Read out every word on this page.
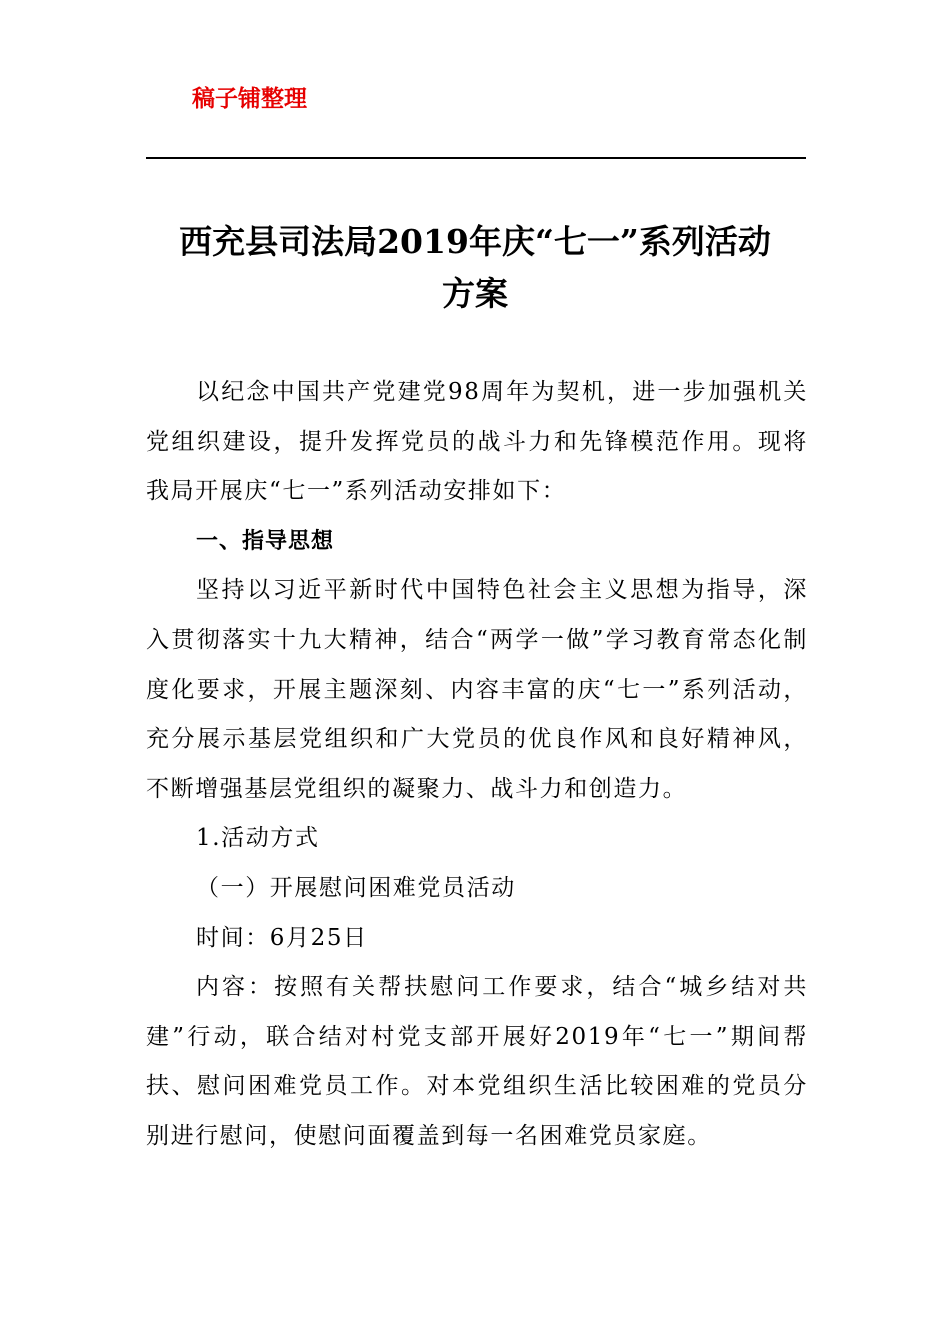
稿子铺整理
西充县司法局2019年庆“七一”系列活动
方案

以纪念中国共产党建党98周年为契机，进一步加强机关党组织建设，提升发挥党员的战斗力和先锋模范作用。现将我局开展庆“七一”系列活动安排如下：

一、指导思想

坚持以习近平新时代中国特色社会主义思想为指导，深入贯彻落实十九大精神，结合“两学一做”学习教育常态化制度化要求，开展主题深刻、内容丰富的庆“七一”系列活动，充分展示基层党组织和广大党员的优良作风和良好精神风，不断增强基层党组织的凝聚力、战斗力和创造力。

1.活动方式

（一）开展慰问困难党员活动

时间：6月25日

内容：按照有关帮扶慰问工作要求，结合“城乡结对共建”行动，联合结对村党支部开展好2019年“七一”期间帮扶、慰问困难党员工作。对本党组织生活比较困难的党员分别进行慰问，使慰问面覆盖到每一名困难党员家庭。
